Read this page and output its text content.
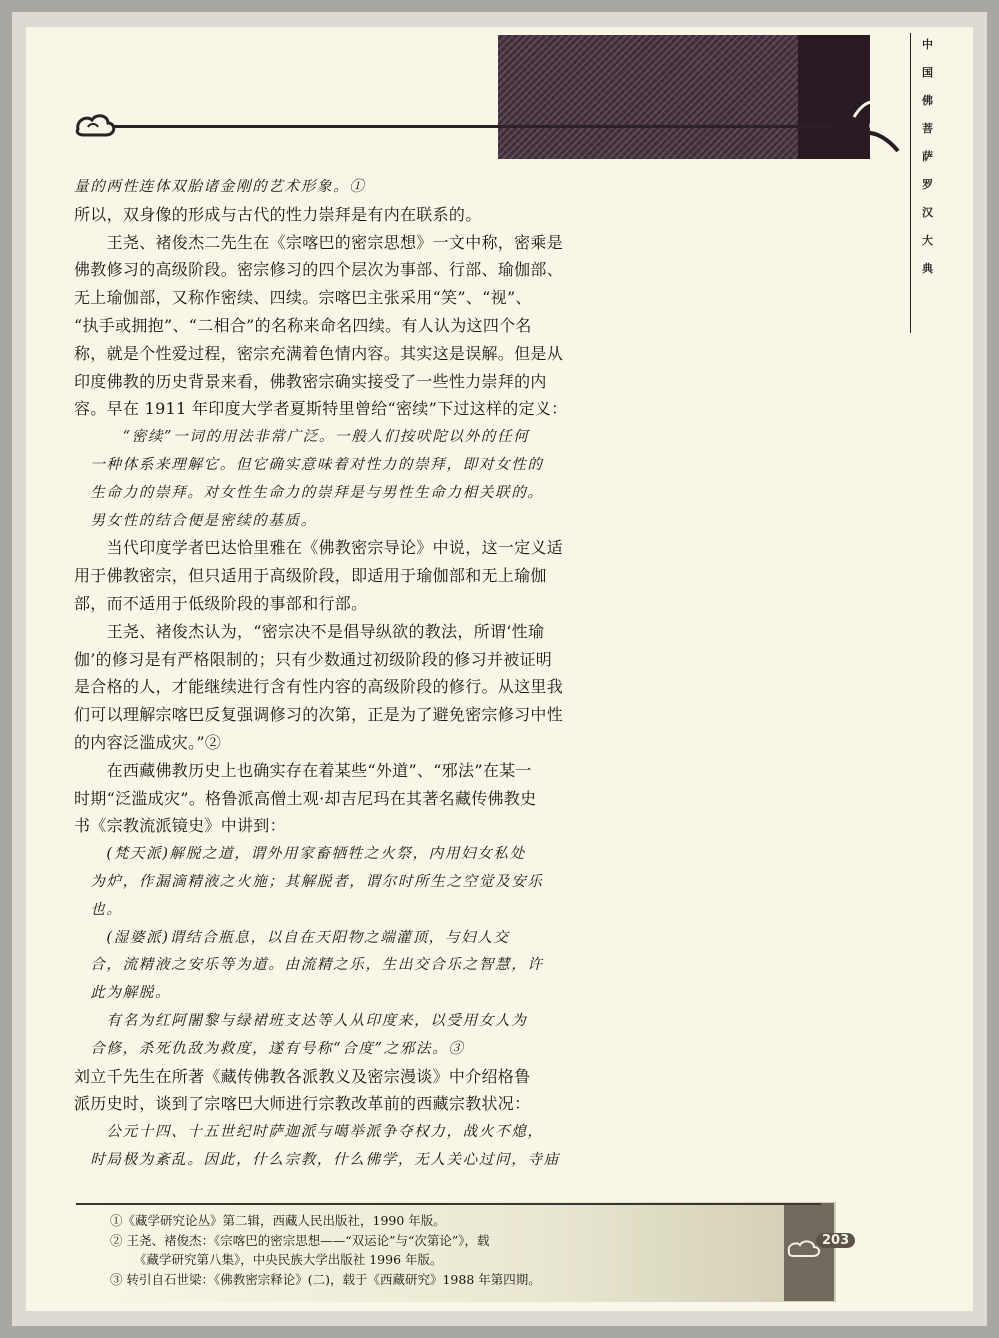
中
国
佛
菩
萨
罗
汉
大
典
量的两性连体双胎诸金刚的艺术形象。①
所以，双身像的形成与古代的性力崇拜是有内在联系的。
　　王尧、褚俊杰二先生在《宗喀巴的密宗思想》一文中称，密乘是
佛教修习的高级阶段。密宗修习的四个层次为事部、行部、瑜伽部、
无上瑜伽部，又称作密续、四续。宗喀巴主张采用“笑”、“视”、
“执手或拥抱”、“二相合”的名称来命名四续。有人认为这四个名
称，就是个性爱过程，密宗充满着色情内容。其实这是误解。但是从
印度佛教的历史背景来看，佛教密宗确实接受了一些性力崇拜的内
容。早在 1911 年印度大学者夏斯特里曾给“密续”下过这样的定义：
　　　“密续”一词的用法非常广泛。一般人们按吠陀以外的任何
　一种体系来理解它。但它确实意味着对性力的崇拜，即对女性的
　生命力的崇拜。对女性生命力的崇拜是与男性生命力相关联的。
　男女性的结合便是密续的基质。
　　当代印度学者巴达恰里雅在《佛教密宗导论》中说，这一定义适
用于佛教密宗，但只适用于高级阶段，即适用于瑜伽部和无上瑜伽
部，而不适用于低级阶段的事部和行部。
　　王尧、褚俊杰认为，“密宗决不是倡导纵欲的教法，所谓‘性瑜
伽’的修习是有严格限制的；只有少数通过初级阶段的修习并被证明
是合格的人，才能继续进行含有性内容的高级阶段的修行。从这里我
们可以理解宗喀巴反复强调修习的次第，正是为了避免密宗修习中性
的内容泛滥成灾。”②
　　在西藏佛教历史上也确实存在着某些“外道”、“邪法”在某一
时期“泛滥成灾”。格鲁派高僧土观·却吉尼玛在其著名藏传佛教史
书《宗教流派镜史》中讲到：
　　(梵天派)解脱之道，谓外用家畜牺牲之火祭，内用妇女私处
　为炉，作漏滴精液之火施；其解脱者，谓尔时所生之空觉及安乐
　也。
　　(湿婆派)谓结合瓶息，以自在天阳物之端灌顶，与妇人交
　合，流精液之安乐等为道。由流精之乐，生出交合乐之智慧，许
　此为解脱。
　　有名为红阿闍黎与绿裙班支达等人从印度来，以受用女人为
　合修，杀死仇敌为救度，遂有号称“合度”之邪法。③
刘立千先生在所著《藏传佛教各派教义及密宗漫谈》中介绍格鲁
派历史时，谈到了宗喀巴大师进行宗教改革前的西藏宗教状况：
　　公元十四、十五世纪时萨迦派与噶举派争夺权力，战火不熄，
　时局极为紊乱。因此，什么宗教，什么佛学，无人关心过问，寺庙
①《藏学研究论丛》第二辑，西藏人民出版社，1990 年版。
② 王尧、褚俊杰：《宗喀巴的密宗思想——“双运论”与“次第论”》，载
《藏学研究第八集》，中央民族大学出版社 1996 年版。
③ 转引自石世梁：《佛教密宗释论》(二)，载于《西藏研究》1988 年第四期。
203
